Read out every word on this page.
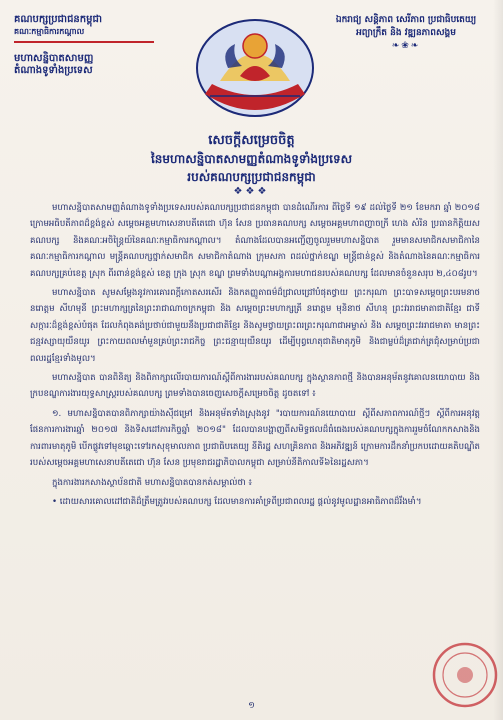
គណបក្សប្រជាជនកម្ពុជា
គណៈកម្មាធិការកណ្ដាល
មហាសន្និបាតសាមញ្ញ
តំណាងទូទាំងប្រទេស
ឯករាជ្យ សន្តិភាព សេរីភាព ប្រជាធិបតេយ្យ
អព្យាក្រឹត និង វឌ្ឍនភាពសង្គម
❧❀❧
សេចក្ដីសម្រេចចិត្ត
នៃមហាសន្និបាតសាមញ្ញតំណាងទូទាំងប្រទេស
របស់គណបក្សប្រជាជនកម្ពុជា
❖❖❖

មហាសន្និបាតសាមញ្ញតំណាងទូទាំងប្រទេសរបស់គណបក្សប្រជាជនកម្ពុជា បានដំណើរការ ពីថ្ងៃទី ១៩ ដល់ថ្ងៃទី ២១ ខែមករា ឆ្នាំ ២០១៨ ក្រោមអធិបតីភាពដ៏ខ្ពង់ខ្ពស់ សម្ដេចអគ្គមហាសេនាបតីតេជោ ហ៊ុន សែន ប្រធានគណបក្ស សម្ដេចអគ្គមហាពញាចក្រី ហេង សំរិន ប្រធានកិត្តិយសគណបក្ស និងគណៈអចិន្ត្រៃយ៍នៃគណៈកម្មាធិការកណ្ដាល។ តំណាងដែលបានអញ្ជើញចូលរួមមហាសន្និបាត រួមមានសមាជិកសមាជិកានៃគណៈកម្មាធិការកណ្ដាល មន្ត្រីគណបក្សថ្នាក់សមាជិក សមាជិកាតំណាង ក្រុមសភា ពដល់ថ្នាក់ខណ្ឌ មន្ត្រីជាន់ខ្ពស់ និងតំណាងនៃគណៈកម្មាធិការគណបក្សគ្រប់ខេត្ត ស្រុក ពីរពាន់ខ្ពង់ខ្ពស់ ខេត្ត ក្រុង ស្រុក ខណ្ឌ ព្រមទាំងបណ្ដាអង្គការមហាជនរបស់គណបក្ស ដែលមានចំនួនសរុប ២,៤០៨រូប។

មហាសន្និបាត សូមសម្ដែងនូវការគោរពក្ដីកោតសរសើរ និងកតញ្ញូតាធម៌ដ៏ជ្រាលជ្រៅបំផុតថ្វាយ ព្រះករុណា ព្រះបាទសម្ដេចព្រះបរមនាថ នរោត្តម សីហមុនី ព្រះមហាក្សត្រនៃព្រះរាជាណាចក្រកម្ពុជា និង សម្ដេចព្រះមហាក្សត្រី នរោត្តម មុនិនាថ សីហនុ ព្រះវររាជមាតាជាតិខ្មែរ ជាទីសក្ការៈដ៏ខ្ពង់ខ្ពស់បំផុត ដែលកំពុងគង់ប្រថាប់ជាមួយនឹងប្រជាជាតិខ្មែរ និងសូមថ្វាយព្រះពរព្រះករុណាជាអម្ចាស់ និង សម្ដេចព្រះវររាជមាតា មានព្រះជន្មវស្សាយុយឺនយូរ ព្រះកាយពលមាំមួនគ្រប់ព្រះរាជកិច្ច ព្រះជន្មាយុយឺនយូរ ដើម្បីបុព្វហេតុជាតិមាតុភូមិ និងជាម្លប់ដ៏ត្រជាក់ត្រជុំសម្រាប់ប្រជាពលរដ្ឋខ្មែរទាំងមូល។

មហាសន្និបាត បានពិនិត្យ និងពិភាក្សាលើរបាយការណ៍ស្ដីពីការងាររបស់គណបក្ស ក្នុងស្ថានភាពថ្មី និងបានអនុម័តនូវគោលនយោបាយ និងក្របខណ្ឌការងារយុទ្ធសាស្ត្ររបស់គណបក្ស ព្រមទាំងបានចេញសេចក្ដីសម្រេចចិត្ត ដូចតទៅ ៖

១. មហាសន្និបាតបានពិភាក្សាយ៉ាងស៊ីជម្រៅ និងអនុម័តទាំងស្រុងនូវ "របាយការណ៍នយោបាយ ស្ដីពីសភាពការណ៍ថ្មីៗ ស្ដីពីការអនុវត្តផែនការការងារឆ្នាំ ២០១៧ និងទិសដៅភារកិច្ចឆ្នាំ ២០១៨" ដែលបានបង្ហាញពីសមិទ្ធផលដ៏ធំធេងរបស់គណបក្សក្នុងការរួមចំណែកកសាងនិងការពារមាតុភូមិ បើកផ្លូវទៅមុខឆ្ពោះទៅរកសុខុមាលភាព ប្រជាធិបតេយ្យ នីតិរដ្ឋ សហគ្រិនភាព និងអភិវឌ្ឍន៍ ក្រោមការដឹកនាំប្រកបដោយគតិបណ្ឌិតរបស់សម្ដេចអគ្គមហាសេនាបតីតេជោ ហ៊ុន សែន ប្រមុខរាជរដ្ឋាភិបាលកម្ពុជា សម្រាប់នីតិកាលទី៦នៃរដ្ឋសភា។

ក្នុងការងារកសាងស្ថាប័នជាតិ មហាសន្និបាតបានកត់សម្គាល់ថា ៖

• ដោយសារគោលដៅជាតិដ៏ត្រឹមត្រូវរបស់គណបក្ស ដែលមានការគាំទ្រពីប្រជាពលរដ្ឋ ផ្ដល់នូវមូលដ្ឋានអាធិភាពដ៏រឹងមាំ។

១
